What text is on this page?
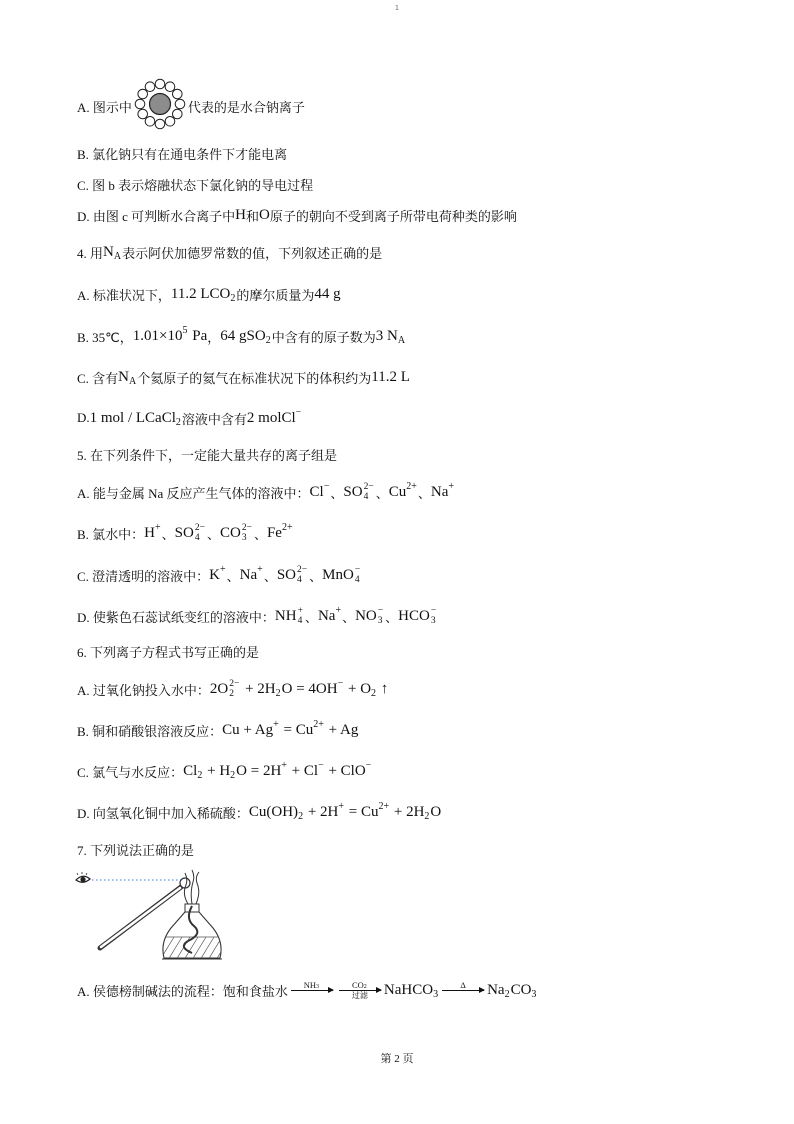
1
A. 图示中	代表的是水合钠离子
B. 氯化钠只有在通电条件下才能电离
C. 图 b 表示熔融状态下氯化钠的导电过程
D. 由图 c 可判断水合离子中 H 和 O 原子的朝向不受到离子所带电荷种类的影响
4. 用 N A 表示阿伏加德罗常数的值，下列叙述正确的是
A. 标准状况下， 11.2 LCO 2 的摩尔质量为 44 g
B. 35℃， 1.01×10 5 Pa ， 64 gSO 2 中含有的原子数为 3 N A
C. 含有 N A 个氦原子的氦气在标准状况下的体积约为 11.2 L
D. 1 mol / LCaCl 2 溶液中含有 2 molCl −
5. 在下列条件下，一定能大量共存的离子组是
A. 能与金属 Na 反应产生气体的溶液中： Cl − 、 SO 2−
4 、 Cu 2+ 、 Na +
B. 氯水中： H + 、 SO 2−
4 、 CO 2−
3 、 Fe 2+
C. 澄清透明的溶液中： K + 、 Na + 、 SO 2−
4 、 MnO −
4
D. 使紫色石蕊试纸变红的溶液中： NH +
4 、 Na + 、 NO −
3 、 HCO −
3
6. 下列离子方程式书写正确的是
A. 过氧化钠投入水中： 2O 2−
2 + 2H 2 O = 4OH − + O 2 ↑
B. 铜和硝酸银溶液反应： Cu + Ag + = Cu 2+ + Ag
C. 氯气与水反应： Cl 2 + H 2 O = 2H + + Cl − + ClO −
D. 向氢氧化铜中加入稀硫酸： Cu(OH) 2 + 2H + = Cu 2+ + 2H 2 O
7. 下列说法正确的是
A. 侯德榜制碱法的流程：饱和食盐水 NH 3	CO 2
过滤 NaHCO 3
Δ Na 2 CO 3
第 2 页
